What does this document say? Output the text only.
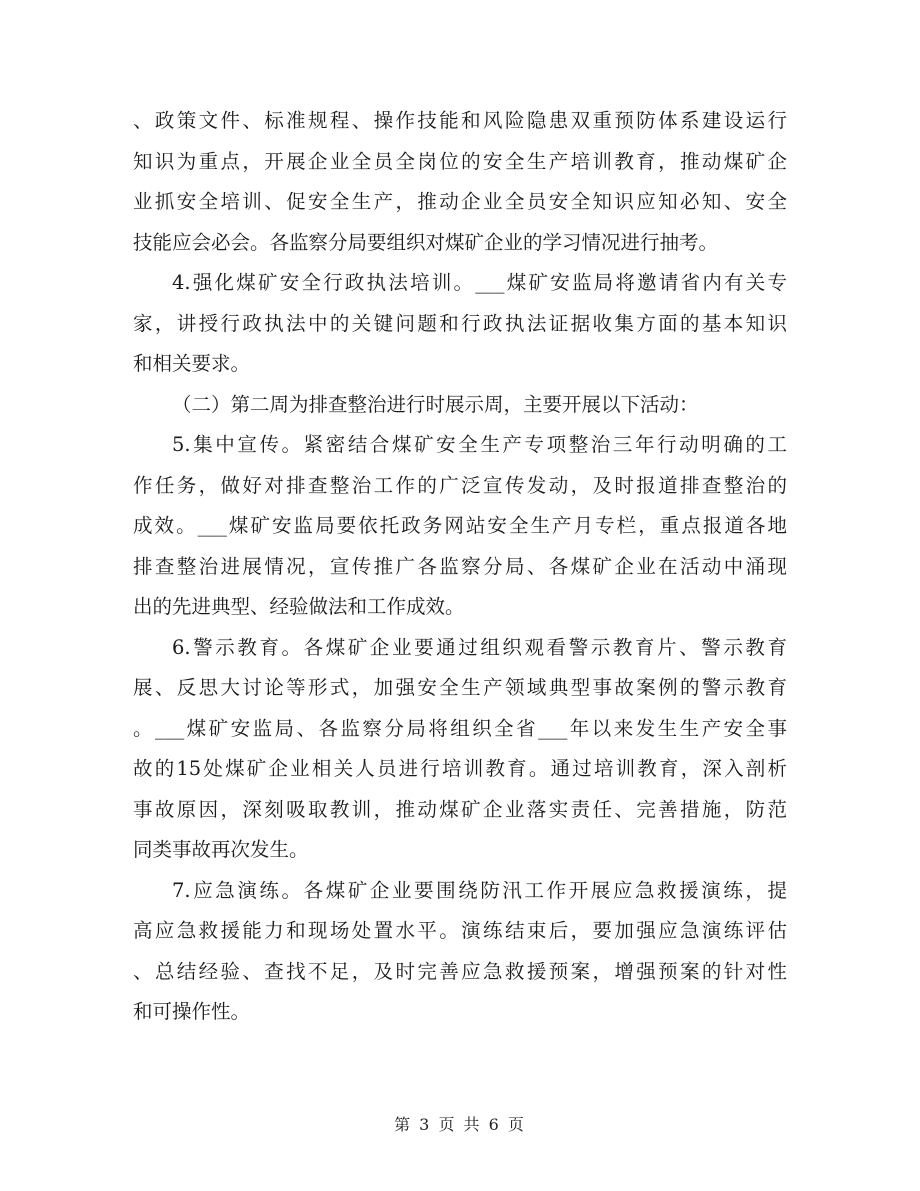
、政策文件、标准规程、操作技能和风险隐患双重预防体系建设运行
知识为重点，开展企业全员全岗位的安全生产培训教育，推动煤矿企
业抓安全培训、促安全生产，推动企业全员安全知识应知必知、安全
技能应会必会。各监察分局要组织对煤矿企业的学习情况进行抽考。
4.强化煤矿安全行政执法培训。___煤矿安监局将邀请省内有关专
家，讲授行政执法中的关键问题和行政执法证据收集方面的基本知识
和相关要求。
（二）第二周为排查整治进行时展示周，主要开展以下活动：
5.集中宣传。紧密结合煤矿安全生产专项整治三年行动明确的工
作任务，做好对排查整治工作的广泛宣传发动，及时报道排查整治的
成效。___煤矿安监局要依托政务网站安全生产月专栏，重点报道各地
排查整治进展情况，宣传推广各监察分局、各煤矿企业在活动中涌现
出的先进典型、经验做法和工作成效。
6.警示教育。各煤矿企业要通过组织观看警示教育片、警示教育
展、反思大讨论等形式，加强安全生产领域典型事故案例的警示教育
。___煤矿安监局、各监察分局将组织全省___年以来发生生产安全事
故的15处煤矿企业相关人员进行培训教育。通过培训教育，深入剖析
事故原因，深刻吸取教训，推动煤矿企业落实责任、完善措施，防范
同类事故再次发生。
7.应急演练。各煤矿企业要围绕防汛工作开展应急救援演练，提
高应急救援能力和现场处置水平。演练结束后，要加强应急演练评估
、总结经验、查找不足，及时完善应急救援预案，增强预案的针对性
和可操作性。
第 3 页 共 6 页
